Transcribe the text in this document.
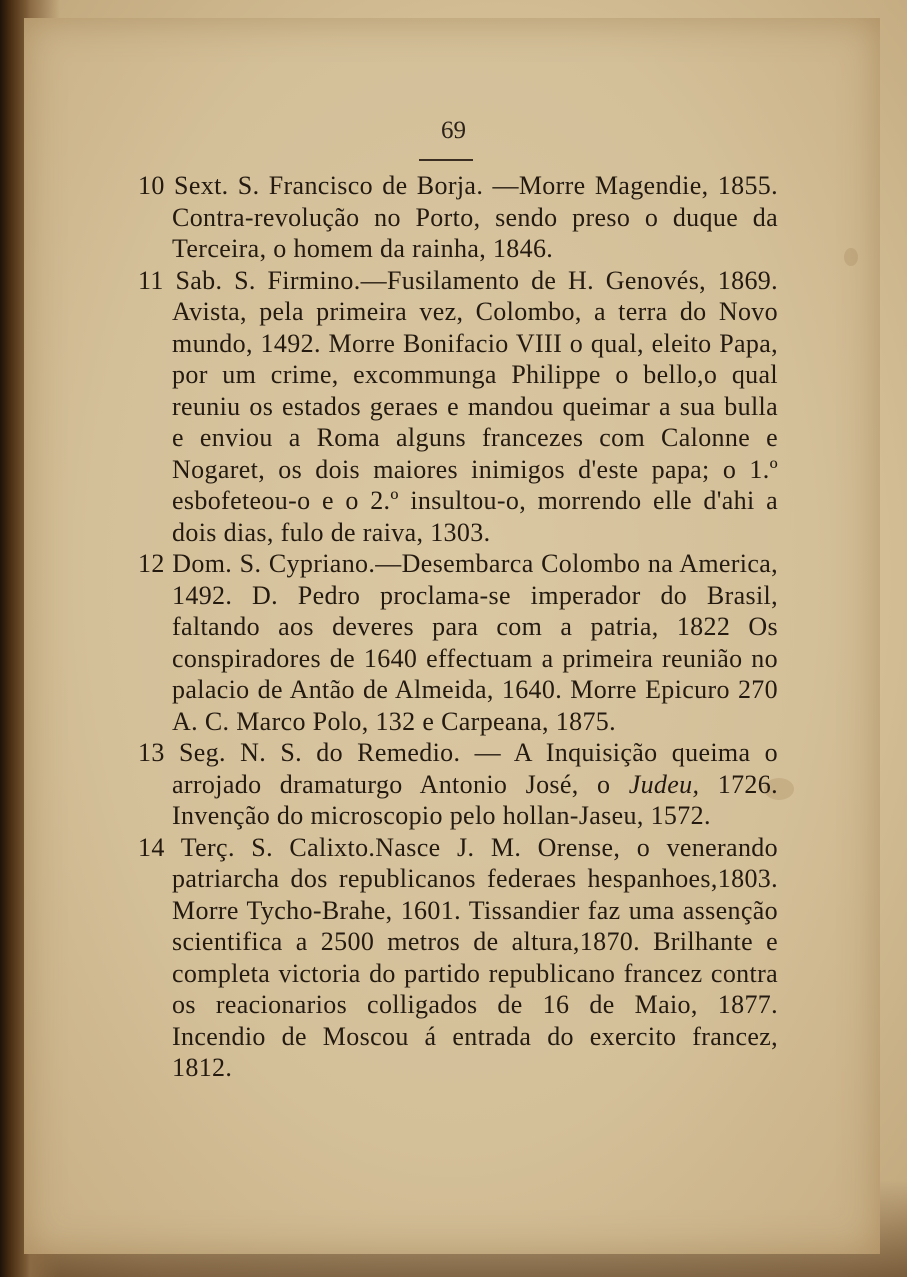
69

10 Sext. S. Francisco de Borja. —Morre Magendie, 1855. Contra-revolução no Porto, sendo preso o duque da Terceira, o homem da rainha, 1846.

11 Sab. S. Firmino.—Fusilamento de H. Genovés, 1869. Avista, pela primeira vez, Colombo, a terra do Novo mundo, 1492. Morre Bonifacio VIII o qual, eleito Papa, por um crime, excommunga Philippe o bello,o qual reuniu os estados geraes e mandou queimar a sua bulla e enviou a Roma alguns francezes com Calonne e Nogaret, os dois maiores inimigos d'este papa; o 1.º esbofeteou-o e o 2.º insultou-o, morrendo elle d'ahi a dois dias, fulo de raiva, 1303.

12 Dom. S. Cypriano.—Desembarca Colombo na America, 1492. D. Pedro proclama-se imperador do Brasil, faltando aos deveres para com a patria, 1822 Os conspiradores de 1640 effectuam a primeira reunião no palacio de Antão de Almeida, 1640. Morre Epicuro 270 A. C. Marco Polo, 132 e Carpeana, 1875.

13 Seg. N. S. do Remedio. — A Inquisição queima o arrojado dramaturgo Antonio José, o Judeu, 1726. Invenção do microscopio pelo hollan-Jaseu, 1572.

14 Terç. S. Calixto.Nasce J. M. Orense, o venerando patriarcha dos republicanos federaes hespanhoes,1803. Morre Tycho-Brahe, 1601. Tissandier faz uma assenção scientifica a 2500 metros de altura,1870. Brilhante e completa victoria do partido republicano francez contra os reacionarios colligados de 16 de Maio, 1877. Incendio de Moscou á entrada do exercito francez, 1812.
